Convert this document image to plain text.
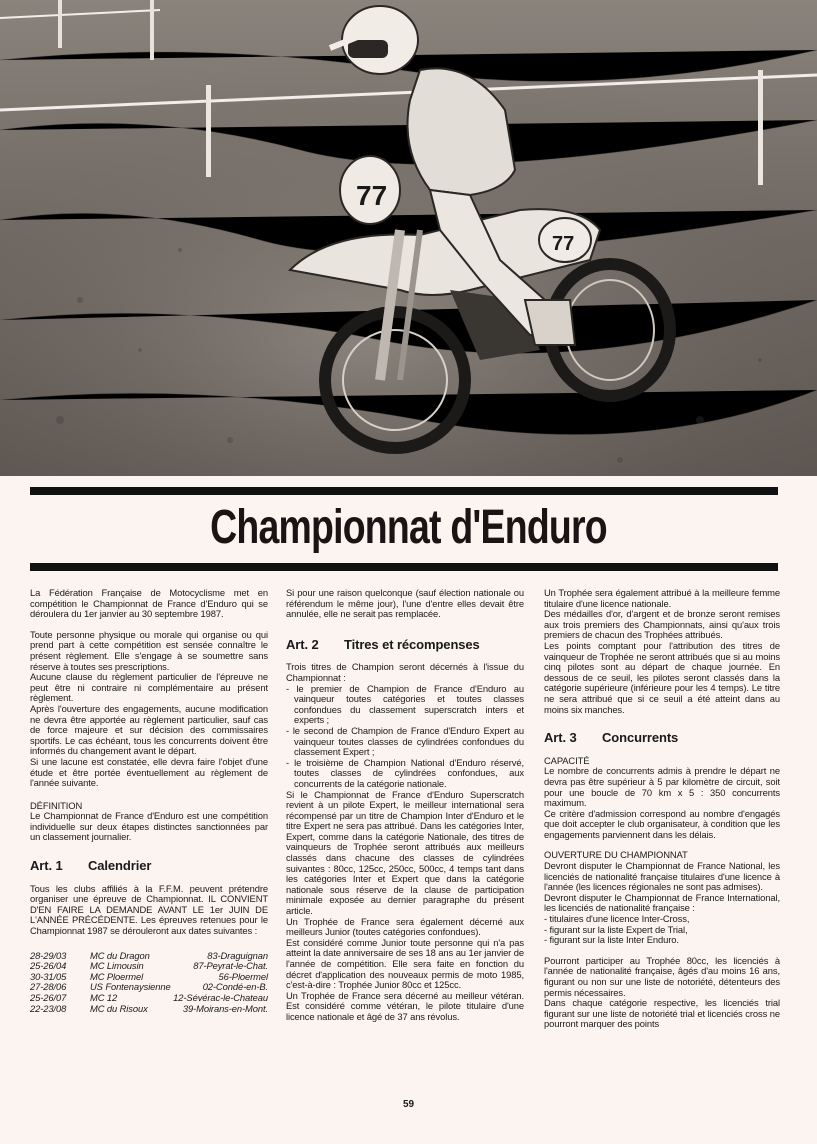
77
77
Championnat d'Enduro

La Fédération Française de Motocyclisme met en compétition le Championnat de France d'Enduro qui se déroulera du 1er janvier au 30 septembre 1987.

Toute personne physique ou morale qui organise ou qui prend part à cette compétition est sensée connaître le présent règlement. Elle s'engage à se soumettre sans réserve à toutes ses prescriptions.

Aucune clause du règlement particulier de l'épreuve ne peut être ni contraire ni complémentaire au présent règlement.

Après l'ouverture des engagements, aucune modification ne devra être apportée au règlement particulier, sauf cas de force majeure et sur décision des commissaires sportifs. Le cas échéant, tous les concurrents doivent être informés du changement avant le départ.

Si une lacune est constatée, elle devra faire l'objet d'une étude et être portée éventuellement au règlement de l'année suivante.

DÉFINITION

Le Championnat de France d'Enduro est une compétition individuelle sur deux étapes distinctes sanctionnées par un classement journalier.

Art. 1 Calendrier

Tous les clubs affiliés à la F.F.M. peuvent prétendre organiser une épreuve de Championnat. IL CONVIENT D'EN FAIRE LA DEMANDE AVANT LE 1er JUIN DE L'ANNÉE PRÉCÉDENTE. Les épreuves retenues pour le Championnat 1987 se dérouleront aux dates suivantes :

28-29/03	MC du Dragon	83-Draguignan
25-26/04	MC Limousin	87-Peyrat-le-Chat.
30-31/05	MC Ploermel	56-Ploermel
27-28/06	US Fontenaysienne	02-Condé-en-B.
25-26/07	MC 12	12-Sévérac-le-Chateau
22-23/08	MC du Risoux	39-Moirans-en-Mont.

Si pour une raison quelconque (sauf élection nationale ou référendum le même jour), l'une d'entre elles devait être annulée, elle ne serait pas remplacée.

Art. 2 Titres et récompenses

Trois titres de Champion seront décernés à l'issue du Championnat :

- le premier de Champion de France d'Enduro au vainqueur toutes catégories et toutes classes confondues du classement superscratch inters et experts ;
- le second de Champion de France d'Enduro Expert au vainqueur toutes classes de cylindrées confondues du classement Expert ;
- le troisième de Champion National d'Enduro réservé, toutes classes de cylindrées confondues, aux concurrents de la catégorie nationale.

Si le Championnat de France d'Enduro Superscratch revient à un pilote Expert, le meilleur international sera récompensé par un titre de Champion Inter d'Enduro et le titre Expert ne sera pas attribué. Dans les catégories Inter, Expert, comme dans la catégorie Nationale, des titres de vainqueurs de Trophée seront attribués aux meilleurs classés dans chacune des classes de cylindrées suivantes : 80cc, 125cc, 250cc, 500cc, 4 temps tant dans les catégories Inter et Expert que dans la catégorie nationale sous réserve de la clause de participation minimale exposée au dernier paragraphe du présent article.

Un Trophée de France sera également décerné aux meilleurs Junior (toutes catégories confondues).

Est considéré comme Junior toute personne qui n'a pas atteint la date anniversaire de ses 18 ans au 1er janvier de l'année de compétition. Elle sera faite en fonction du décret d'application des nouveaux permis de moto 1985, c'est-à-dire : Trophée Junior 80cc et 125cc.

Un Trophée de France sera décerné au meilleur vétéran. Est considéré comme vétéran, le pilote titulaire d'une licence nationale et âgé de 37 ans révolus.

Un Trophée sera également attribué à la meilleure femme titulaire d'une licence nationale.

Des médailles d'or, d'argent et de bronze seront remises aux trois premiers des Championnats, ainsi qu'aux trois premiers de chacun des Trophées attribués.

Les points comptant pour l'attribution des titres de vainqueur de Trophée ne seront attribués que si au moins cinq pilotes sont au départ de chaque journée. En dessous de ce seuil, les pilotes seront classés dans la catégorie supérieure (inférieure pour les 4 temps). Le titre ne sera attribué que si ce seuil a été atteint dans au moins six manches.

Art. 3 Concurrents
CAPACITÉ

Le nombre de concurrents admis à prendre le départ ne devra pas être supérieur à 5 par kilomètre de circuit, soit pour une boucle de 70 km x 5 : 350 concurrents maximum.

Ce critère d'admission correspond au nombre d'engagés que doit accepter le club organisateur, à condition que les engagements parviennent dans les délais.

OUVERTURE DU CHAMPIONNAT

Devront disputer le Championnat de France National, les licenciés de nationalité française titulaires d'une licence à l'année (les licences régionales ne sont pas admises).

Devront disputer le Championnat de France International, les licenciés de nationalité française :

- titulaires d'une licence Inter-Cross,
- figurant sur la liste Expert de Trial,
- figurant sur la liste Inter Enduro.

Pourront participer au Trophée 80cc, les licenciés à l'année de nationalité française, âgés d'au moins 16 ans, figurant ou non sur une liste de notoriété, détenteurs des permis nécessaires.

Dans chaque catégorie respective, les licenciés trial figurant sur une liste de notoriété trial et licenciés cross ne pourront marquer des points

59
